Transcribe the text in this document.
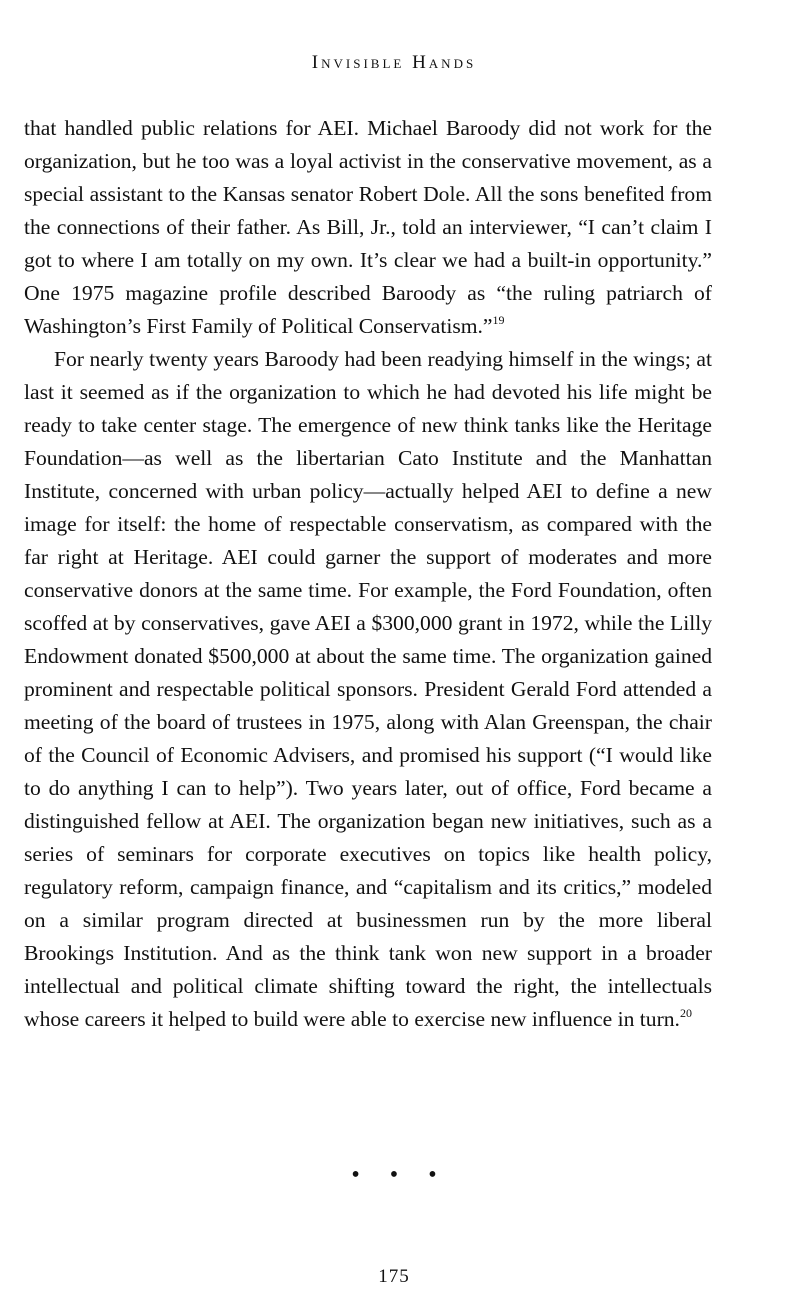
Invisible Hands

that handled public relations for AEI. Michael Baroody did not work for the organization, but he too was a loyal activist in the conservative movement, as a special assistant to the Kansas senator Robert Dole. All the sons benefited from the connections of their father. As Bill, Jr., told an interviewer, “I can’t claim I got to where I am totally on my own. It’s clear we had a built-in opportunity.” One 1975 magazine profile described Baroody as “the ruling patriarch of Washington’s First Family of Political Conservatism.”$^{19}$

For nearly twenty years Baroody had been readying himself in the wings; at last it seemed as if the organization to which he had devoted his life might be ready to take center stage. The emergence of new think tanks like the Heritage Foundation—as well as the libertarian Cato Institute and the Manhattan Institute, concerned with urban policy—actually helped AEI to define a new image for itself: the home of respectable conservatism, as compared with the far right at Heritage. AEI could garner the support of moderates and more conservative donors at the same time. For example, the Ford Foundation, often scoffed at by conservatives, gave AEI a $300,000 grant in 1972, while the Lilly Endowment donated $500,000 at about the same time. The organization gained prominent and respectable political sponsors. President Gerald Ford attended a meeting of the board of trustees in 1975, along with Alan Greenspan, the chair of the Council of Economic Advisers, and promised his support (“I would like to do anything I can to help”). Two years later, out of office, Ford became a distinguished fellow at AEI. The organization began new initiatives, such as a series of seminars for corporate executives on topics like health policy, regulatory reform, campaign finance, and “capitalism and its critics,” modeled on a similar program directed at businessmen run by the more liberal Brookings Institution. And as the think tank won new support in a broader intellectual and political climate shifting toward the right, the intellectuals whose careers it helped to build were able to exercise new influence in turn.$^{20}$

•••
175
